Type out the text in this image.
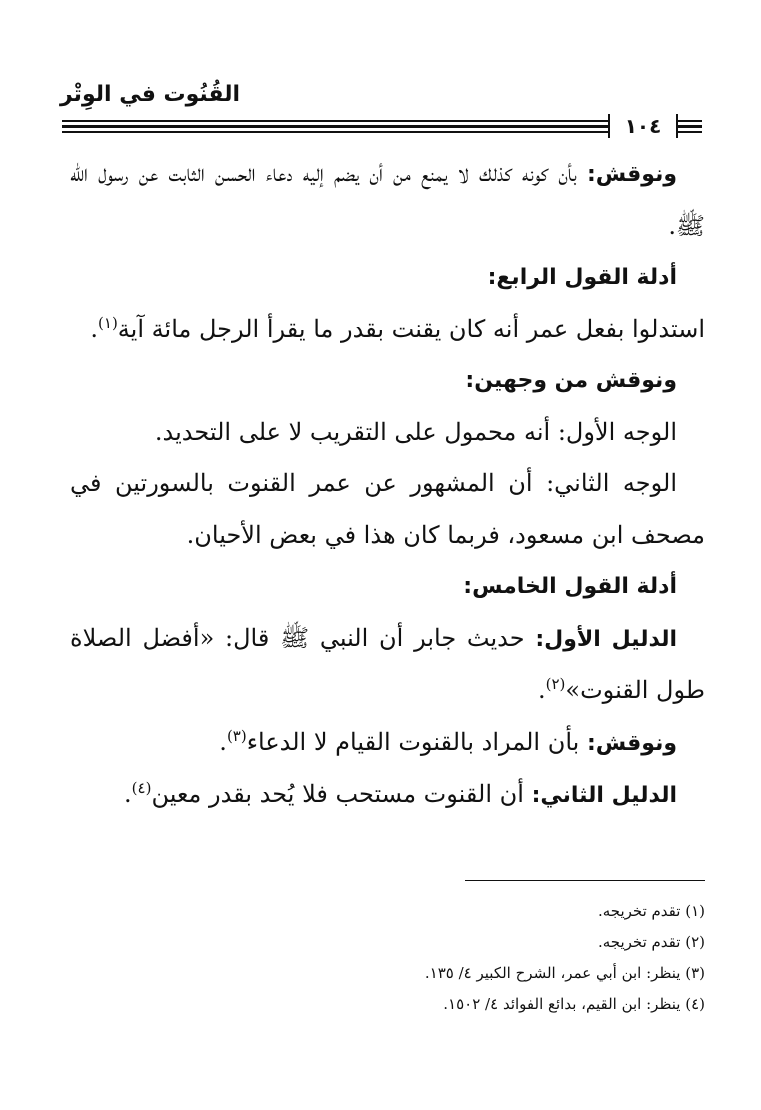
القُنُوت في الوِتْر
١٠٤

ونوقش: بأن كونه كذلك لا يمنع من أن يضم إليه دعاء الحسن الثابت عن رسول الله ﷺ.

أدلة القول الرابع:

استدلوا بفعل عمر أنه كان يقنت بقدر ما يقرأ الرجل مائة آية$^{(١)}$.

ونوقش من وجهين:

الوجه الأول: أنه محمول على التقريب لا على التحديد.

الوجه الثاني: أن المشهور عن عمر القنوت بالسورتين في مصحف ابن مسعود، فربما كان هذا في بعض الأحيان.

أدلة القول الخامس:

الدليل الأول: حديث جابر أن النبي ﷺ قال: «أفضل الصلاة طول القنوت»$^{(٢)}$.

ونوقش: بأن المراد بالقنوت القيام لا الدعاء$^{(٣)}$.

الدليل الثاني: أن القنوت مستحب فلا يُحد بقدر معين$^{(٤)}$.

(١) تقدم تخريجه.

(٢) تقدم تخريجه.

(٣) ينظر: ابن أبي عمر، الشرح الكبير ٤/ ١٣٥.

(٤) ينظر: ابن القيم، بدائع الفوائد ٤/ ١٥٠٢.
